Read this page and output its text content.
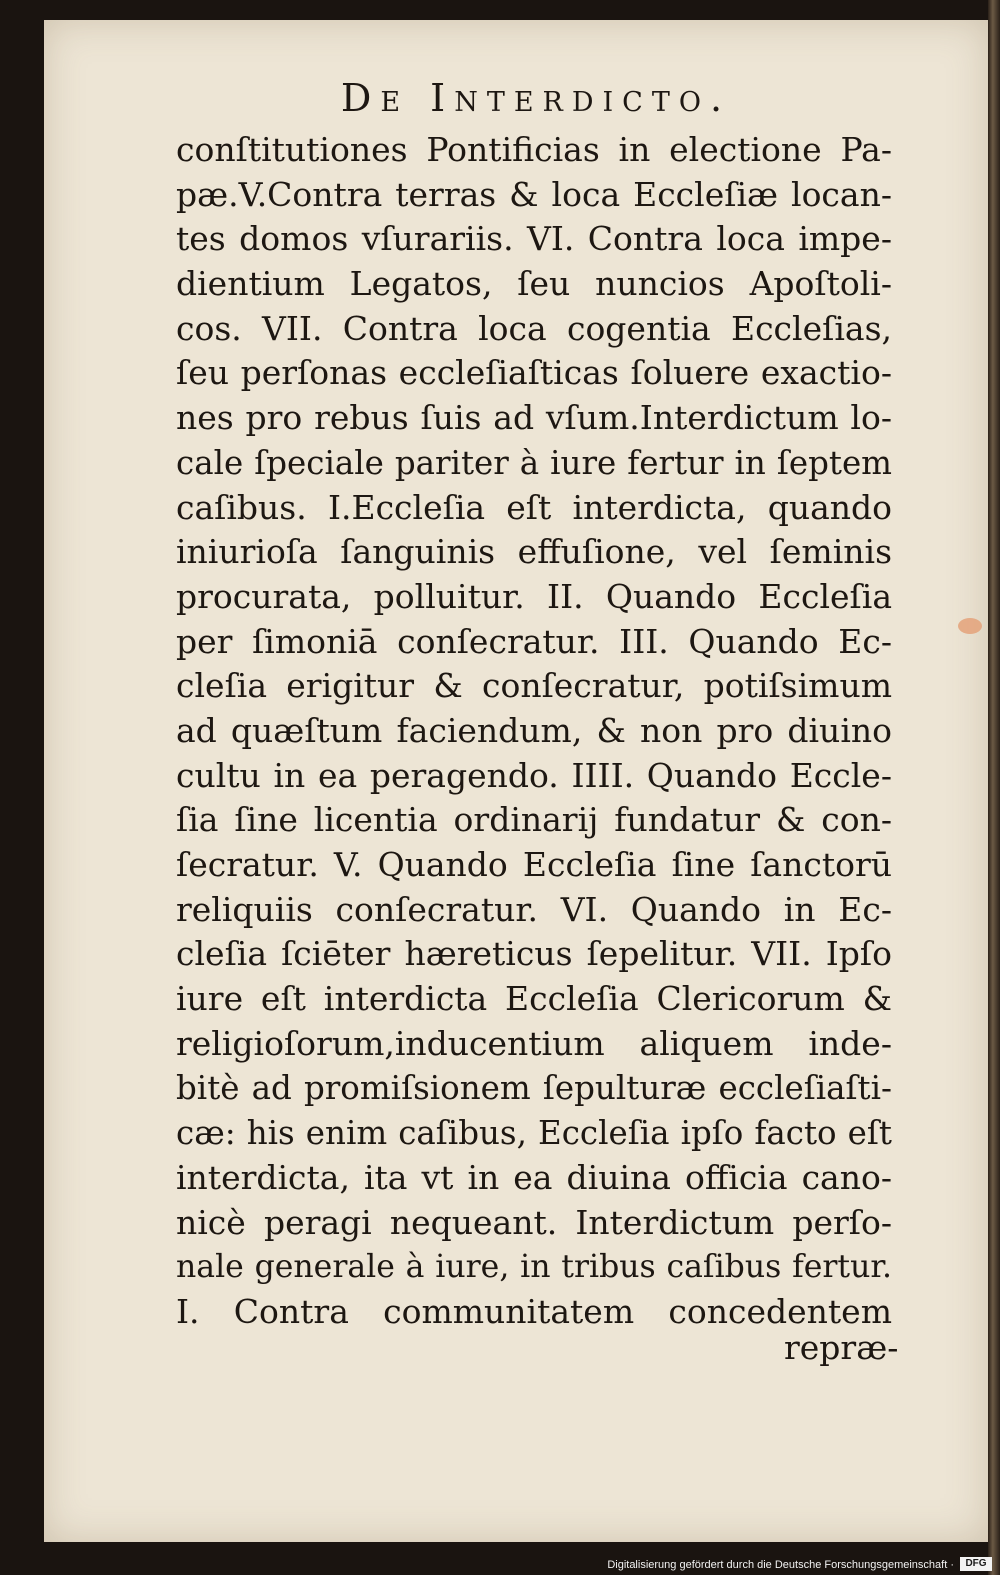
De Interdicto.
conſtitutiones Pontificias in electione Pa-
pæ.V.Contra terras & loca Eccleſiæ locan-
tes domos vſurariis. VI. Contra loca impe-
dientium Legatos, ſeu nuncios Apoſtoli-
cos. VII. Contra loca cogentia Eccleſias,
ſeu perſonas eccleſiaſticas ſoluere exactio-
nes pro rebus ſuis ad vſum.Interdictum lo-
cale ſpeciale pariter à iure fertur in ſeptem
caſibus. I.Eccleſia eſt interdicta, quando
iniurioſa ſanguinis effuſione, vel ſeminis
procurata, polluitur. II. Quando Eccleſia
per ſimoniā conſecratur. III. Quando Ec-
cleſia erigitur & conſecratur, potiſsimum
ad quæſtum faciendum, & non pro diuino
cultu in ea peragendo. IIII. Quando Eccle-
ſia ſine licentia ordinarij fundatur & con-
ſecratur. V. Quando Eccleſia ſine ſanctorū
reliquiis conſecratur. VI. Quando in Ec-
cleſia ſciēter hæreticus ſepelitur. VII. Ipſo
iure eſt interdicta Eccleſia Clericorum &
religioſorum,inducentium aliquem inde-
bitè ad promiſsionem ſepulturæ eccleſiaſti-
cæ: his enim caſibus, Eccleſia ipſo facto eſt
interdicta, ita vt in ea diuina officia cano-
nicè peragi nequeant. Interdictum perſo-
nale generale à iure, in tribus caſibus fertur.
I. Contra communitatem concedentem
repræ-
Digitalisierung gefördert durch die Deutsche Forschungsgemeinschaft ·	DFG
